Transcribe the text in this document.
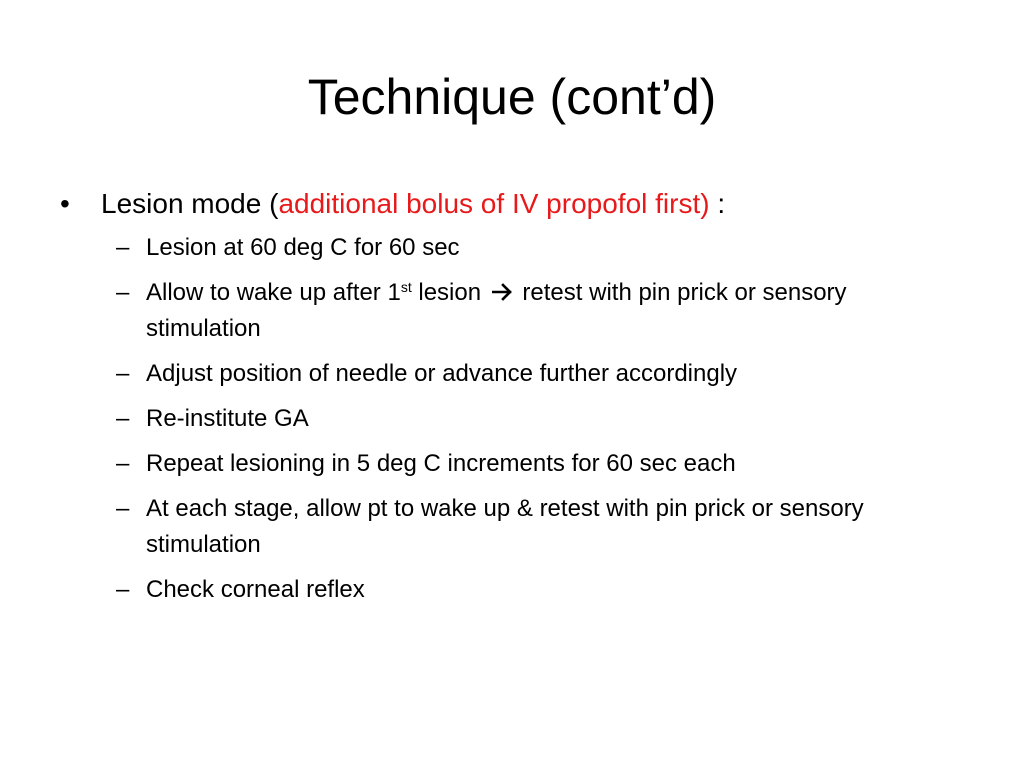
Technique (cont’d)
•	Lesion mode (additional bolus of IV propofol first) :
– Lesion at 60 deg C for 60 sec
– Allow to wake up after 1st lesion  retest with pin prick or sensory stimulation
– Adjust position of needle or advance further accordingly
– Re-institute GA
– Repeat lesioning in 5 deg C increments for 60 sec each
– At each stage, allow pt to wake up & retest with pin prick or sensory stimulation
– Check corneal reflex
